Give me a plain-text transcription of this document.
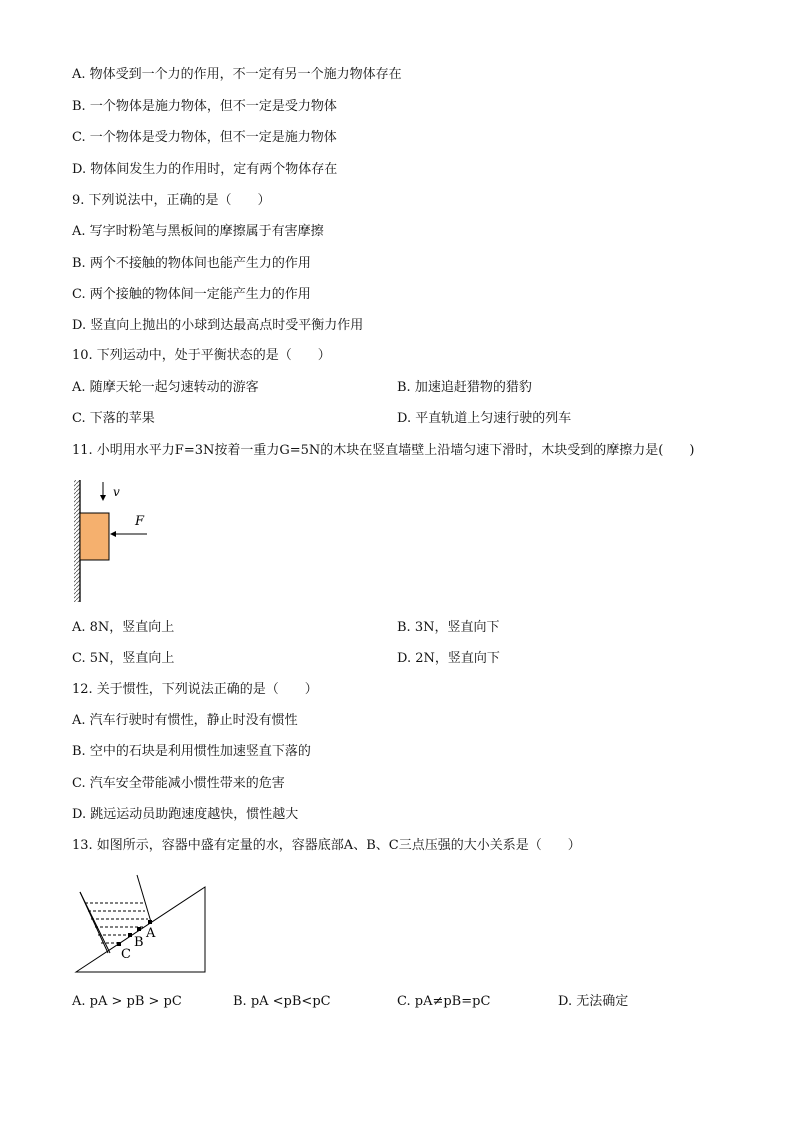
A. 物体受到一个力的作用，不一定有另一个施力物体存在
B. 一个物体是施力物体，但不一定是受力物体
C. 一个物体是受力物体，但不一定是施力物体
D. 物体间发生力的作用时，定有两个物体存在
9. 下列说法中，正确的是（　　）
A. 写字时粉笔与黑板间的摩擦属于有害摩擦
B. 两个不接触的物体间也能产生力的作用
C. 两个接触的物体间一定能产生力的作用
D. 竖直向上抛出的小球到达最高点时受平衡力作用
10. 下列运动中，处于平衡状态的是（　　）
A. 随摩天轮一起匀速转动的游客	B. 加速追赶猎物的猎豹
C. 下落的苹果	D. 平直轨道上匀速行驶的列车
11. 小明用水平力F=3N按着一重力G=5N的木块在竖直墙壁上沿墙匀速下滑时，木块受到的摩擦力是(　　)
v
F
A. 8N，竖直向上	B. 3N，竖直向下
C. 5N，竖直向上	D. 2N，竖直向下
12. 关于惯性，下列说法正确的是（　　）
A. 汽车行驶时有惯性，静止时没有惯性
B. 空中的石块是利用惯性加速竖直下落的
C. 汽车安全带能减小惯性带来的危害
D. 跳远运动员助跑速度越快，惯性越大
13. 如图所示，容器中盛有定量的水，容器底部A、B、C三点压强的大小关系是（　　）
A
B
C
A. pA > pB > pC	B. pA <pB<pC	C. pA≠pB=pC	D. 无法确定
